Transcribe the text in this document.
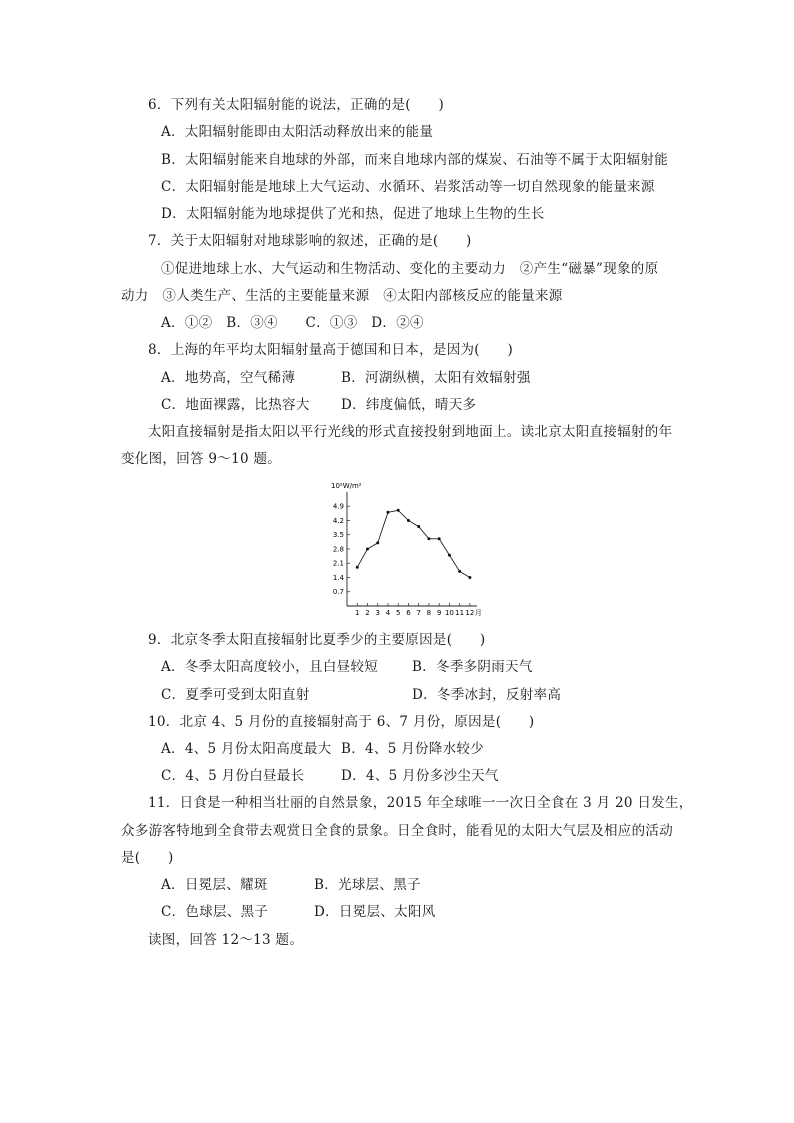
6．下列有关太阳辐射能的说法，正确的是(　　)
A．太阳辐射能即由太阳活动释放出来的能量
B．太阳辐射能来自地球的外部，而来自地球内部的煤炭、石油等不属于太阳辐射能
C．太阳辐射能是地球上大气运动、水循环、岩浆活动等一切自然现象的能量来源
D．太阳辐射能为地球提供了光和热，促进了地球上生物的生长
7．关于太阳辐射对地球影响的叙述，正确的是(　　)
①促进地球上水、大气运动和生物活动、变化的主要动力　②产生“磁暴”现象的原
动力　③人类生产、生活的主要能量来源　④太阳内部核反应的能量来源
A．①②　B．③④　　C．①③　D．②④
8．上海的年平均太阳辐射量高于德国和日本，是因为(　　)
A．地势高，空气稀薄	B．河湖纵横，太阳有效辐射强
C．地面裸露，比热容大 D．纬度偏低，晴天多
太阳直接辐射是指太阳以平行光线的形式直接投射到地面上。读北京太阳直接辐射的年
变化图，回答 9～10 题。
10²W/m²
0.7
1.4
2.1
2.8
3.5
4.2
4.9
1 2 3 4 5 6 7 8 9 10 11 12 月
9．北京冬季太阳直接辐射比夏季少的主要原因是(　　)
A．冬季太阳高度较小，且白昼较短	B．冬季多阴雨天气
C．夏季可受到太阳直射	D．冬季冰封，反射率高
10．北京 4、5 月份的直接辐射高于 6、7 月份，原因是(　　)
A．4、5 月份太阳高度最大 B．4、5 月份降水较少
C．4、5 月份白昼最长	D．4、5 月份多沙尘天气
11．日食是一种相当壮丽的自然景象，2015 年全球唯一一次日全食在 3 月 20 日发生，
众多游客特地到全食带去观赏日全食的景象。日全食时，能看见的太阳大气层及相应的活动
是(　　)
A．日冕层、耀斑	B．光球层、黑子
C．色球层、黑子	D．日冕层、太阳风
读图，回答 12～13 题。
